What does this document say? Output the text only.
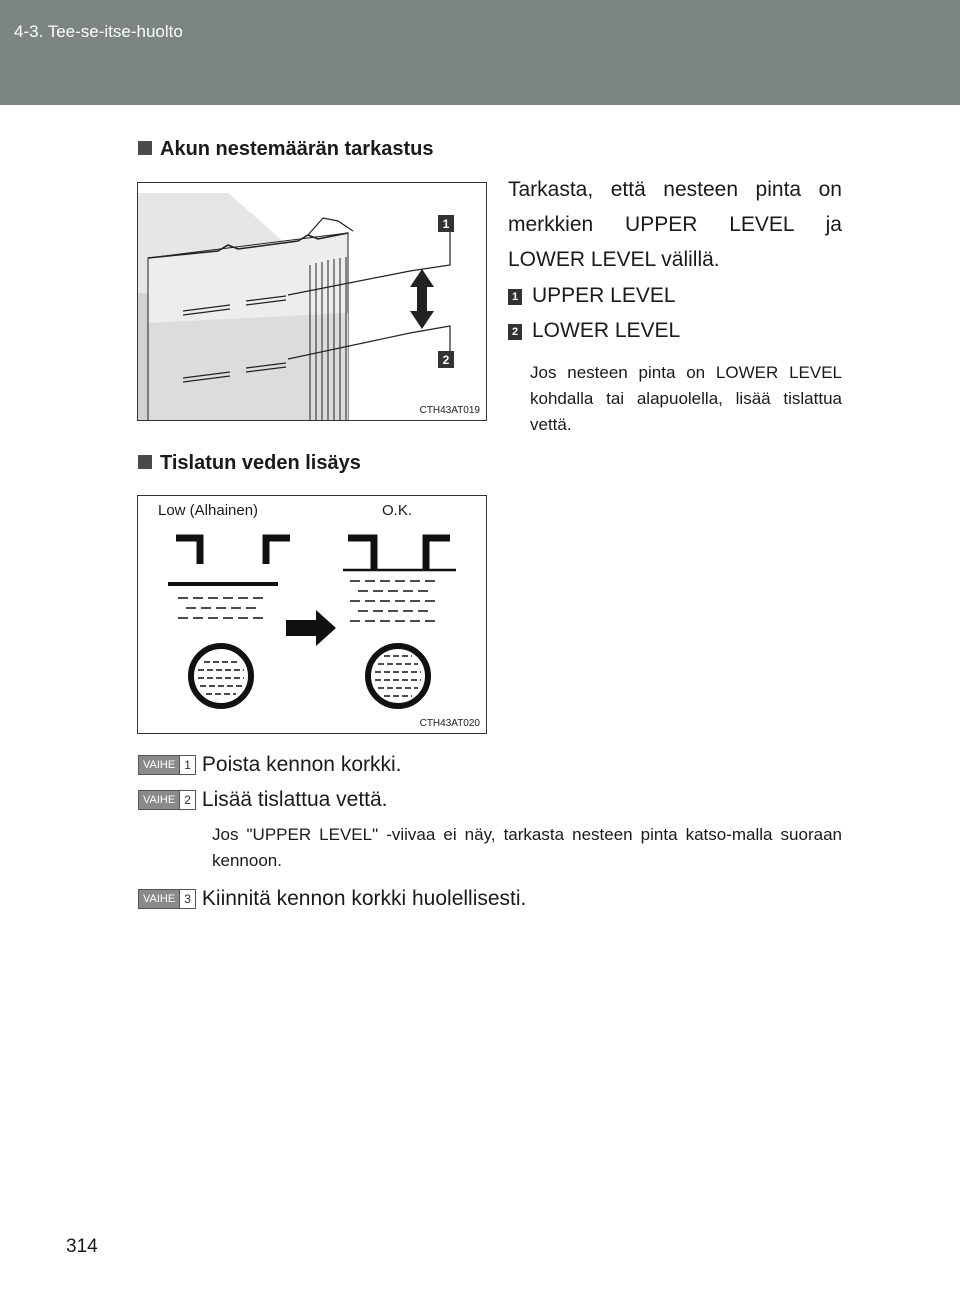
4-3. Tee-se-itse-huolto
Akun nestemäärän tarkastus
1
2
CTH43AT019
Tarkasta, että nesteen pinta on merkkien UPPER LEVEL ja LOWER LEVEL välillä.
1 UPPER LEVEL
2 LOWER LEVEL
Jos nesteen pinta on LOWER LEVEL kohdalla tai alapuolella, lisää tislattua vettä.
Tislatun veden lisäys
Low (Alhainen)	O.K.
CTH43AT020
VAIHE 1 Poista kennon korkki.
VAIHE 2 Lisää tislattua vettä.
Jos "UPPER LEVEL" -viivaa ei näy, tarkasta nesteen pinta katso-malla suoraan kennoon.
VAIHE 3 Kiinnitä kennon korkki huolellisesti.
314
